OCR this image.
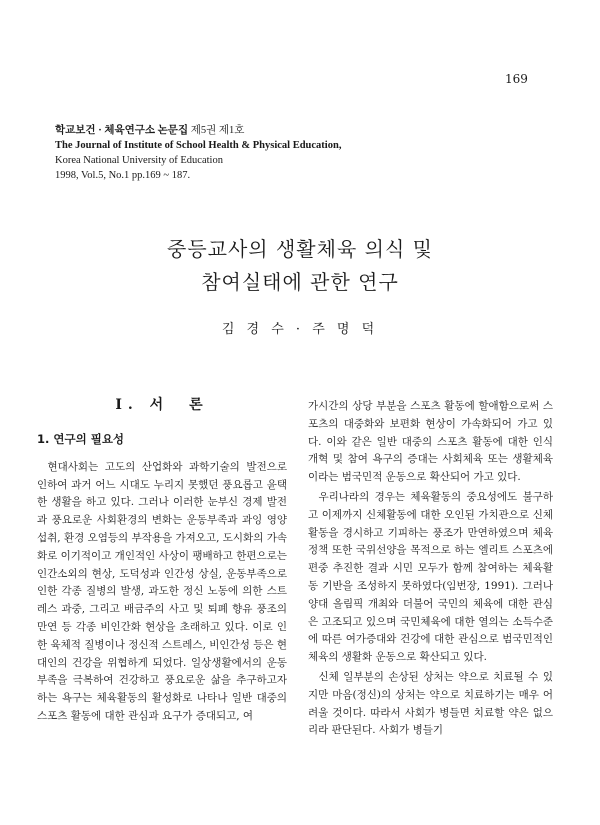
169
학교보건 · 체육연구소 논문집 제5권 제1호
The Journal of Institute of School Health & Physical Education,
Korea National University of Education
1998, Vol.5, No.1 pp.169 ~ 187.
중등교사의 생활체육 의식 및
참여실태에 관한 연구
김 경 수 · 주 명 덕
Ⅰ. 서　론
1. 연구의 필요성

현대사회는 고도의 산업화와 과학기술의 발전으로 인하여 과거 어느 시대도 누리지 못했던 풍요롭고 윤택한 생활을 하고 있다. 그러나 이러한 눈부신 경제 발전과 풍요로운 사회환경의 변화는 운동부족과 과잉 영양 섭취, 환경 오염등의 부작용을 가져오고, 도시화의 가속화로 이기적이고 개인적인 사상이 팽배하고 한편으로는 인간소외의 현상, 도덕성과 인간성 상실, 운동부족으로 인한 각종 질병의 발생, 과도한 정신 노동에 의한 스트레스 과중, 그리고 배금주의 사고 및 퇴폐 향유 풍조의 만연 등 각종 비인간화 현상을 초래하고 있다. 이로 인한 육체적 질병이나 정신적 스트레스, 비인간성 등은 현대인의 건강을 위협하게 되었다. 일상생활에서의 운동부족을 극복하여 건강하고 풍요로운 삶을 추구하고자 하는 욕구는 체육활동의 활성화로 나타나 일반 대중의 스포츠 활동에 대한 관심과 요구가 증대되고, 여

가시간의 상당 부분을 스포츠 활동에 할애함으로써 스포츠의 대중화와 보편화 현상이 가속화되어 가고 있다. 이와 같은 일반 대중의 스포츠 활동에 대한 인식 개혁 및 참여 욕구의 증대는 사회체육 또는 생활체육이라는 범국민적 운동으로 확산되어 가고 있다.

우리나라의 경우는 체육활동의 중요성에도 불구하고 이제까지 신체활동에 대한 오인된 가치관으로 신체활동을 경시하고 기피하는 풍조가 만연하였으며 체육정책 또한 국위선양을 목적으로 하는 엘리트 스포츠에 편중 추진한 결과 시민 모두가 함께 참여하는 체육활동 기반을 조성하지 못하였다(임번장, 1991). 그러나 양대 올림픽 개최와 더불어 국민의 체육에 대한 관심은 고조되고 있으며 국민체육에 대한 열의는 소득수준에 따른 여가증대와 건강에 대한 관심으로 범국민적인 체육의 생활화 운동으로 확산되고 있다.

신체 일부분의 손상된 상처는 약으로 치료될 수 있지만 마음(정신)의 상처는 약으로 치료하기는 매우 어려울 것이다. 따라서 사회가 병들면 치료할 약은 없으리라 판단된다. 사회가 병들기
